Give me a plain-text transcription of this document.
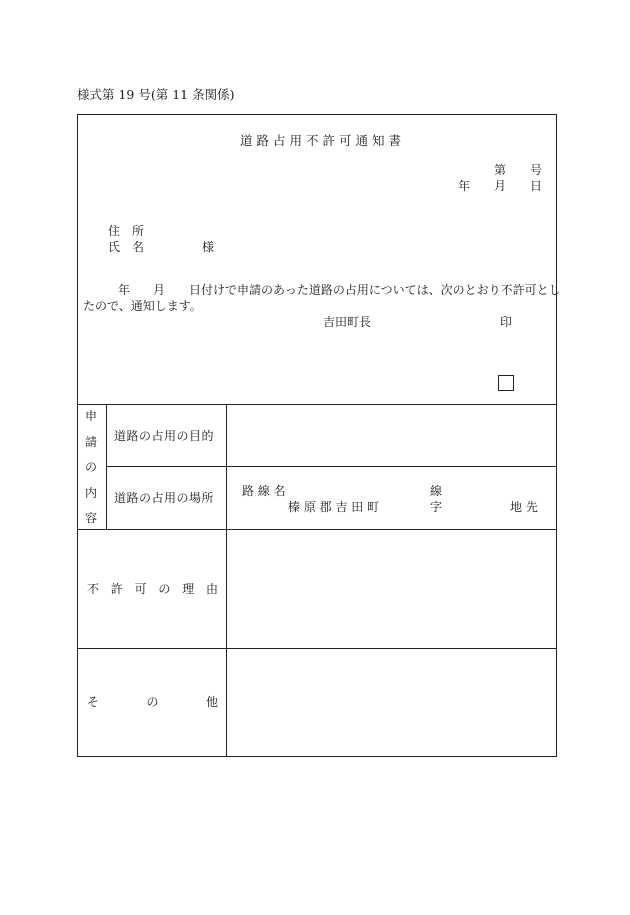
様式第 19 号(第 11 条関係)
道路占用不許可通知書
第 号
年 月 日
住　所
氏　名	様
年 月 日付けで申請のあった道路の占用については、次のとおり不許可とし
たので、通知します。
吉田町長	印
申
請
の
内
容
道路の占用の目的
道路の占用の場所 路 線 名	線
榛 原 郡 吉 田 町	字	地 先
不 許 可 の 理 由
そ	の	他
